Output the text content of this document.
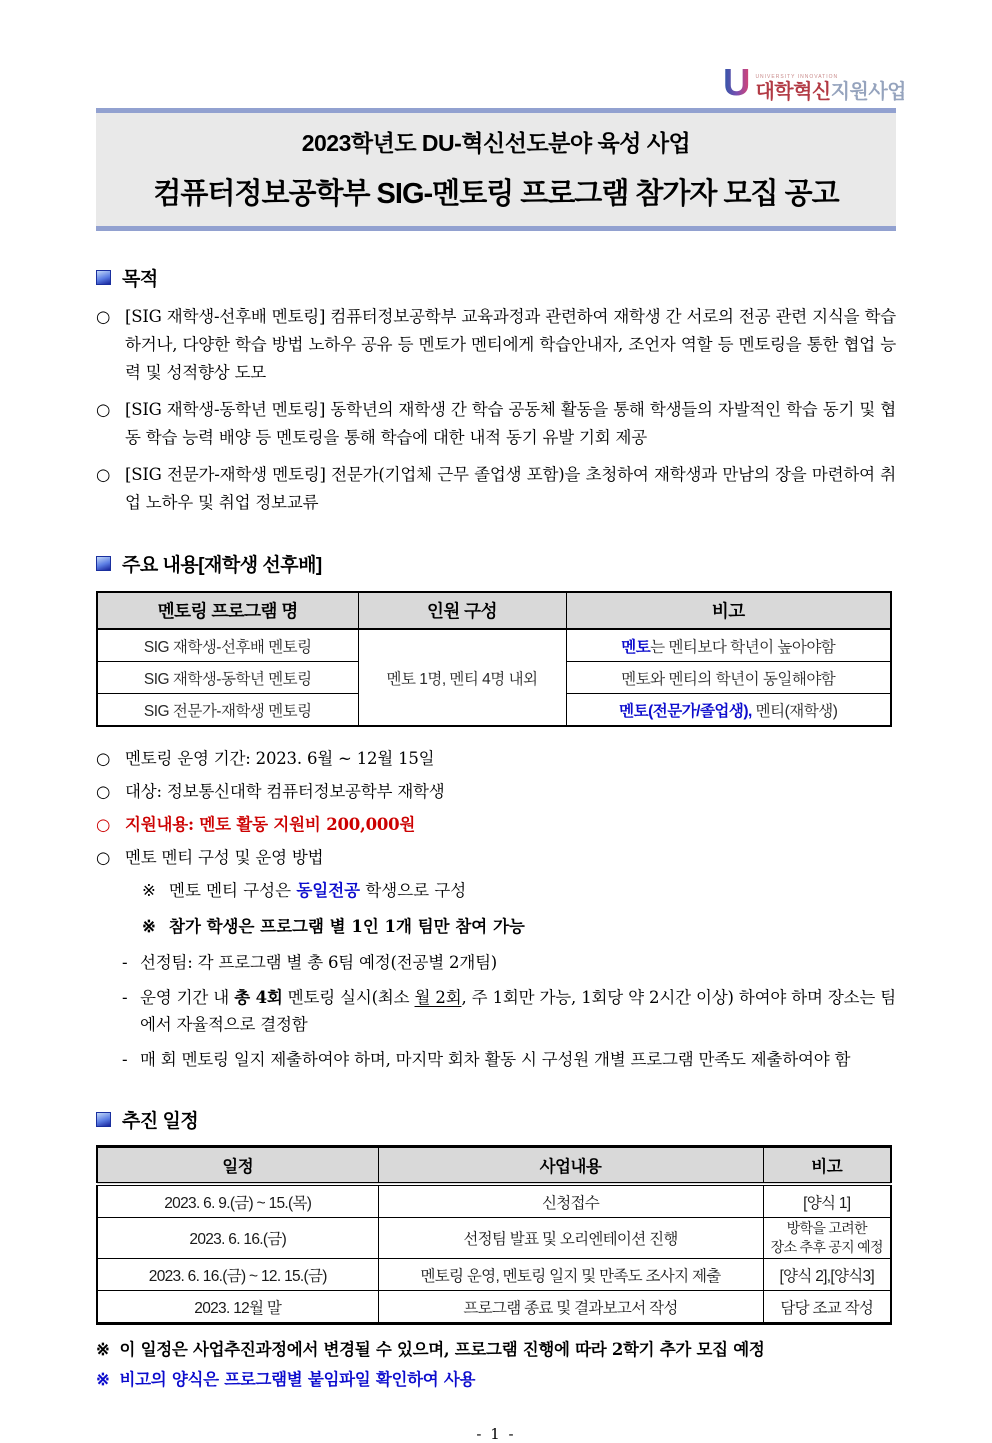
U UNIVERSITY INNOVATION
대학혁신지원사업
2023학년도 DU-혁신선도분야 육성 사업
컴퓨터정보공학부 SIG-멘토링 프로그램 참가자 모집 공고
목적
○ [SIG 재학생-선후배 멘토링] 컴퓨터정보공학부 교육과정과 관련하여 재학생 간 서로의 전공 관련 지식을 학습하거나, 다양한 학습 방법 노하우 공유 등 멘토가 멘티에게 학습안내자, 조언자 역할 등 멘토링을 통한 협업 능력 및 성적향상 도모
○ [SIG 재학생-동학년 멘토링] 동학년의 재학생 간 학습 공동체 활동을 통해 학생들의 자발적인 학습 동기 및 협동 학습 능력 배양 등 멘토링을 통해 학습에 대한 내적 동기 유발 기회 제공
○ [SIG 전문가-재학생 멘토링] 전문가(기업체 근무 졸업생 포함)을 초청하여 재학생과 만남의 장을 마련하여 취업 노하우 및 취업 정보교류
주요 내용[재학생 선후배]
멘토링 프로그램 명	인원 구성	비고
SIG 재학생-선후배 멘토링	멘토 1명, 멘티 4명 내외	멘토는 멘티보다 학년이 높아야함
SIG 재학생-동학년 멘토링		멘토와 멘티의 학년이 동일해야함
SIG 전문가-재학생 멘토링		멘토(전문가/졸업생), 멘티(재학생)
○ 멘토링 운영 기간: 2023. 6월 ~ 12월 15일
○ 대상: 정보통신대학 컴퓨터정보공학부 재학생
○ 지원내용: 멘토 활동 지원비 200,000원
○ 멘토 멘티 구성 및 운영 방법
※ 멘토 멘티 구성은 동일전공 학생으로 구성
※ 참가 학생은 프로그램 별 1인 1개 팀만 참여 가능
- 선정팀: 각 프로그램 별 총 6팀 예정(전공별 2개팀)
- 운영 기간 내 총 4회 멘토링 실시(최소 월 2회, 주 1회만 가능, 1회당 약 2시간 이상) 하여야 하며 장소는 팀에서 자율적으로 결정함
- 매 회 멘토링 일지 제출하여야 하며, 마지막 회차 활동 시 구성원 개별 프로그램 만족도 제출하여야 함
추진 일정
일정	사업내용	비고
2023. 6. 9.(금) ~ 15.(목)	신청접수	[양식 1]
2023. 6. 16.(금)	선정팀 발표 및 오리엔테이션 진행	방학을 고려한
장소 추후 공지 예정

2023. 6. 16.(금) ~ 12. 15.(금)	멘토링 운영, 멘토링 일지 및 만족도 조사지 제출	[양식 2],[양식3]
2023. 12월 말	프로그램 종료 및 결과보고서 작성	담당 조교 작성
※ 이 일정은 사업추진과정에서 변경될 수 있으며, 프로그램 진행에 따라 2학기 추가 모집 예정
※ 비고의 양식은 프로그램별 붙임파일 확인하여 사용
- 1 -
